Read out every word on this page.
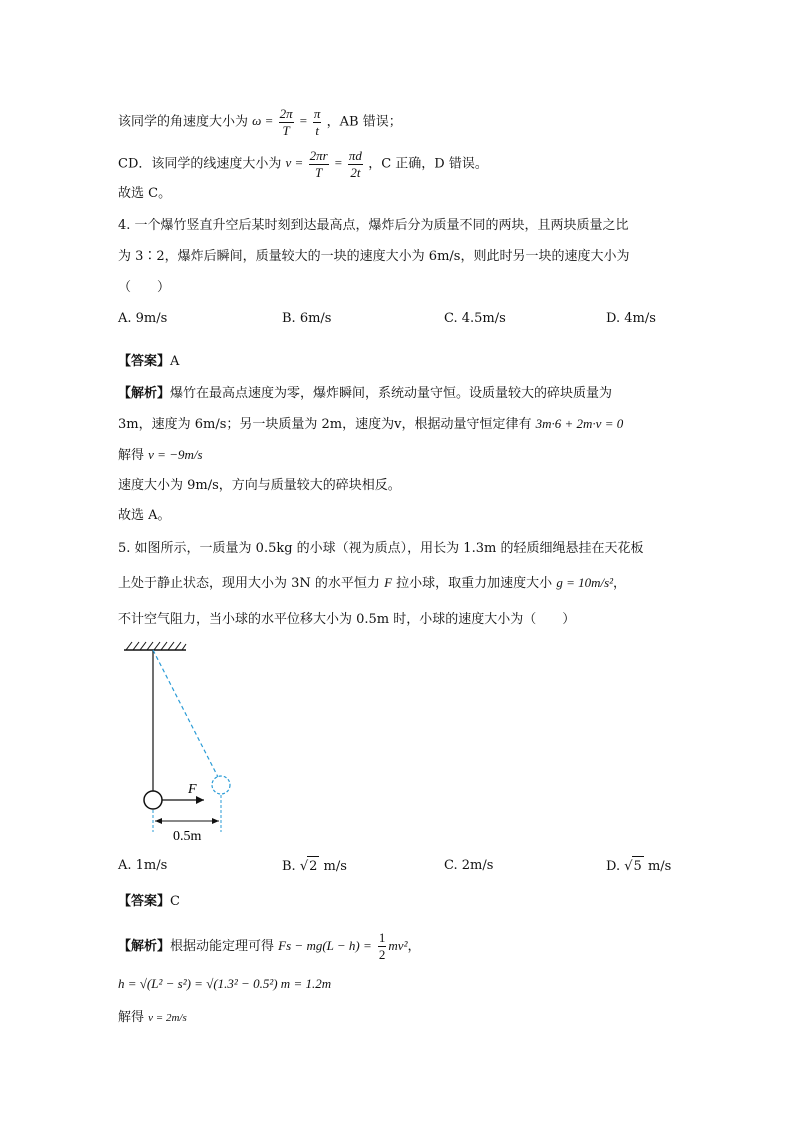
该同学的角速度大小为 $\omega = \frac{2\pi}{T} = \frac{\pi}{t}$ ，AB 错误；
CD．该同学的线速度大小为 $v = \frac{2\pi r}{T} = \frac{\pi d}{2t}$ ，C 正确，D 错误。
故选 C。
4. 一个爆竹竖直升空后某时刻到达最高点，爆炸后分为质量不同的两块，且两块质量之比
为 3∶2，爆炸后瞬间，质量较大的一块的速度大小为 6m/s，则此时另一块的速度大小为
（　　）
A. 9m/s	B. 6m/s	C. 4.5m/s	D. 4m/s
【答案】A
【解析】爆竹在最高点速度为零，爆炸瞬间，系统动量守恒。设质量较大的碎块质量为
3m，速度为 6m/s；另一块质量为 2m，速度为v，根据动量守恒定律有 3m·6 + 2m·v = 0
解得 v = −9m/s
速度大小为 9m/s，方向与质量较大的碎块相反。
故选 A。
5. 如图所示，一质量为 0.5kg 的小球（视为质点），用长为 1.3m 的轻质细绳悬挂在天花板
上处于静止状态，现用大小为 3N 的水平恒力 F 拉小球，取重力加速度大小 g = 10m/s²，
不计空气阻力，当小球的水平位移大小为 0.5m 时，小球的速度大小为（　　）
F
0.5m
A. 1m/s	B. √2 m/s	C. 2m/s	D. √5 m/s
【答案】C
【解析】根据动能定理可得 $Fs - mg(L - h) = \frac{1}{2} mv^2$，
h = √(L² − s²) = √(1.3² − 0.5²) m = 1.2m
解得 v = 2m/s
